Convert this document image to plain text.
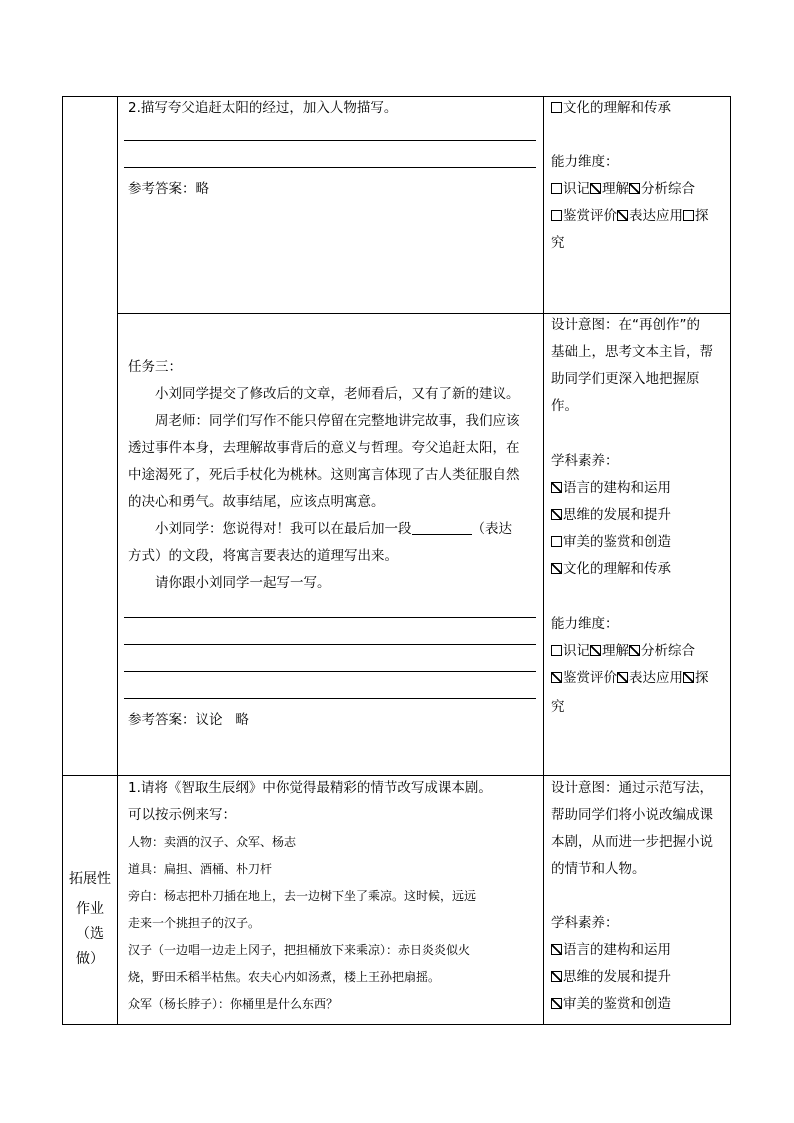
2.描写夸父追赶太阳的经过，加入人物描写。
参考答案：略
文化的理解和传承
能力维度：
识记 理解 分析综合
鉴赏评价 表达应用 探
究
任务三：
小刘同学提交了修改后的文章，老师看后，又有了新的建议。
周老师：同学们写作不能只停留在完整地讲完故事，我们应该
透过事件本身，去理解故事背后的意义与哲理。夸父追赶太阳，在
中途渴死了，死后手杖化为桃林。这则寓言体现了古人类征服自然
的决心和勇气。故事结尾，应该点明寓意。
小刘同学：您说得对！我可以在最后加一段	（表达
方式）的文段，将寓言要表达的道理写出来。
请你跟小刘同学一起写一写。
参考答案：议论   略
设计意图：在“再创作”的
基础上，思考文本主旨，帮
助同学们更深入地把握原
作。
学科素养：
语言的建构和运用
思维的发展和提升
审美的鉴赏和创造
文化的理解和传承
能力维度：
识记 理解 分析综合
鉴赏评价 表达应用 探
究
拓展性
作业
（选
做）
1.请将《智取生辰纲》中你觉得最精彩的情节改写成课本剧。
可以按示例来写：
人物：卖酒的汉子、众军、杨志
道具：扁担、酒桶、朴刀杆
旁白：杨志把朴刀插在地上，去一边树下坐了乘凉。这时候，远远
走来一个挑担子的汉子。
汉子（一边唱一边走上冈子，把担桶放下来乘凉）：赤日炎炎似火
烧，野田禾稻半枯焦。农夫心内如汤煮，楼上王孙把扇摇。
众军（杨长脖子）：你桶里是什么东西？
设计意图：通过示范写法，
帮助同学们将小说改编成课
本剧，从而进一步把握小说
的情节和人物。
学科素养：
语言的建构和运用
思维的发展和提升
审美的鉴赏和创造
